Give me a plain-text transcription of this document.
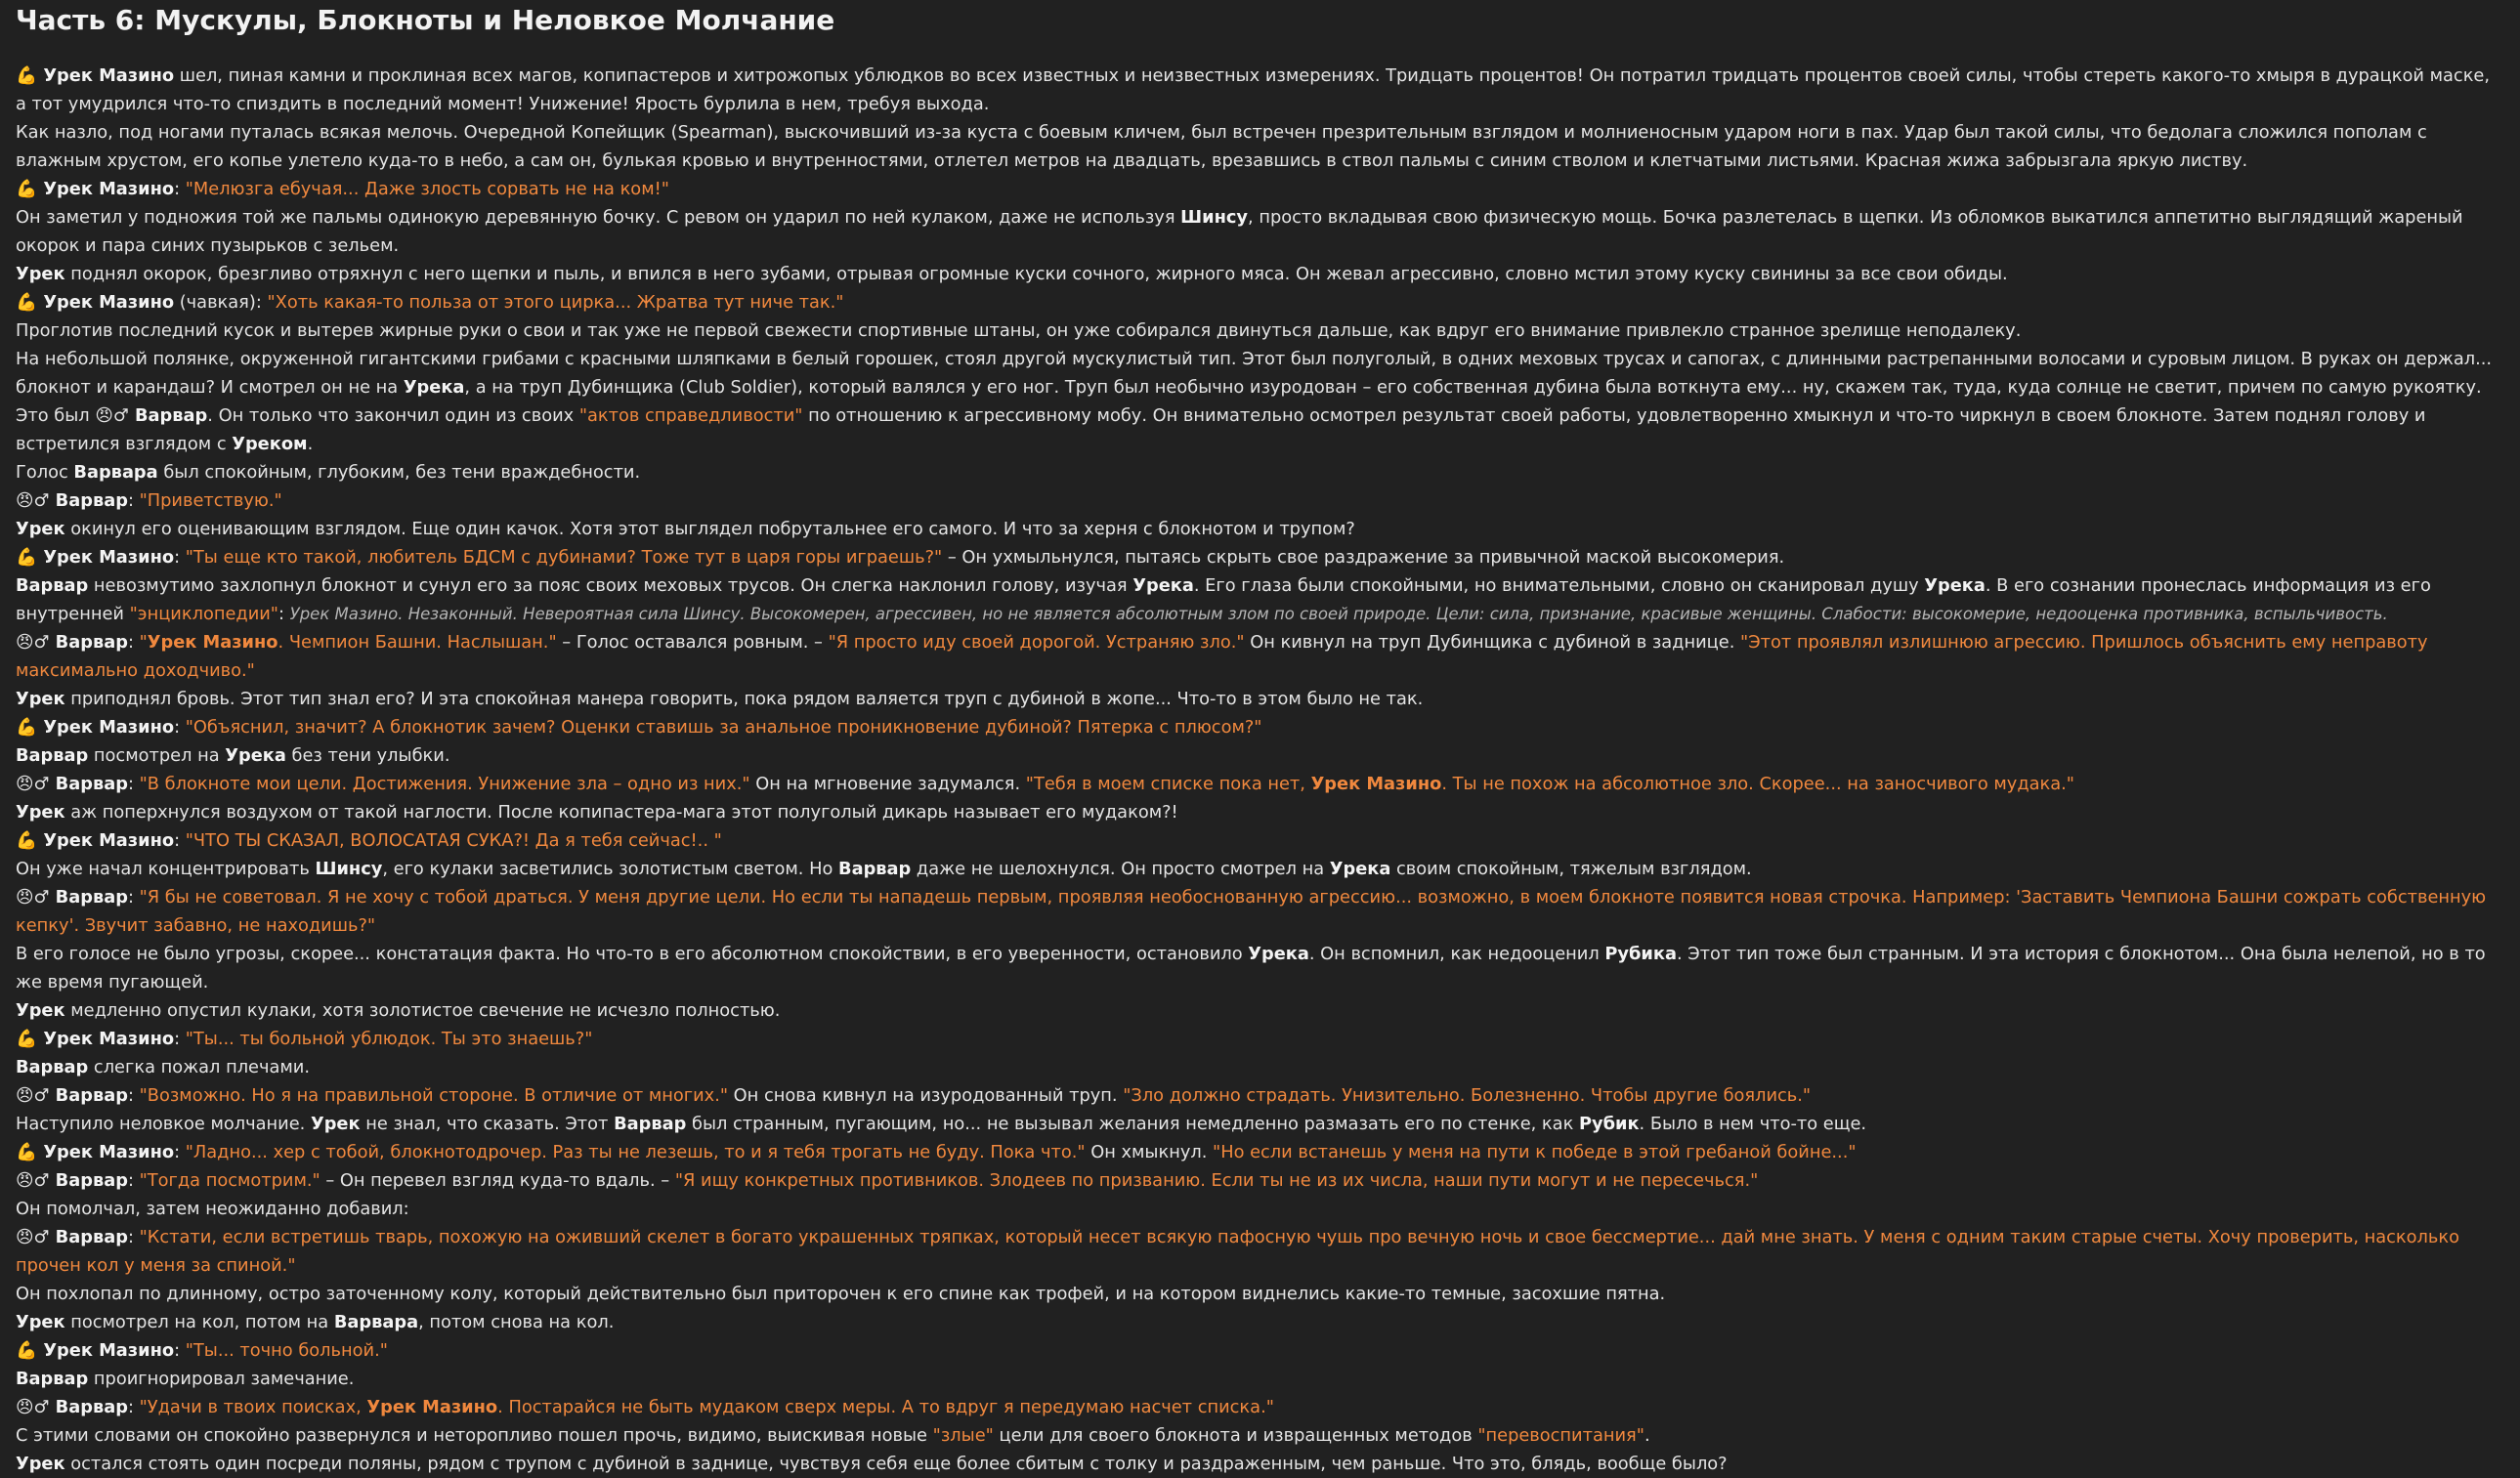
Часть 6: Мускулы, Блокноты и Неловкое Молчание

💪 Урек Мазино шел, пиная камни и проклиная всех магов, копипастеров и хитрожопых ублюдков во всех известных и неизвестных измерениях. Тридцать процентов! Он потратил тридцать процентов своей силы, чтобы стереть какого-то хмыря в дурацкой маске, а тот умудрился что-то спиздить в последний момент! Унижение! Ярость бурлила в нем, требуя выхода.

Как назло, под ногами путалась всякая мелочь. Очередной Копейщик (Spearman), выскочивший из-за куста с боевым кличем, был встречен презрительным взглядом и молниеносным ударом ноги в пах. Удар был такой силы, что бедолага сложился пополам с влажным хрустом, его копье улетело куда-то в небо, а сам он, булькая кровью и внутренностями, отлетел метров на двадцать, врезавшись в ствол пальмы с синим стволом и клетчатыми листьями. Красная жижа забрызгала яркую листву.

💪 Урек Мазино: "Мелюзга ебучая... Даже злость сорвать не на ком!"

Он заметил у подножия той же пальмы одинокую деревянную бочку. С ревом он ударил по ней кулаком, даже не используя Шинсу, просто вкладывая свою физическую мощь. Бочка разлетелась в щепки. Из обломков выкатился аппетитно выглядящий жареный окорок и пара синих пузырьков с зельем.

Урек поднял окорок, брезгливо отряхнул с него щепки и пыль, и впился в него зубами, отрывая огромные куски сочного, жирного мяса. Он жевал агрессивно, словно мстил этому куску свинины за все свои обиды.

💪 Урек Мазино (чавкая): "Хоть какая-то польза от этого цирка... Жратва тут ниче так."

Проглотив последний кусок и вытерев жирные руки о свои и так уже не первой свежести спортивные штаны, он уже собирался двинуться дальше, как вдруг его внимание привлекло странное зрелище неподалеку.

На небольшой полянке, окруженной гигантскими грибами с красными шляпками в белый горошек, стоял другой мускулистый тип. Этот был полуголый, в одних меховых трусах и сапогах, с длинными растрепанными волосами и суровым лицом. В руках он держал... блокнот и карандаш? И смотрел он не на Урека, а на труп Дубинщика (Club Soldier), который валялся у его ног. Труп был необычно изуродован – его собственная дубина была воткнута ему... ну, скажем так, туда, куда солнце не светит, причем по самую рукоятку.

Это был 😠♂ Варвар. Он только что закончил один из своих "актов справедливости" по отношению к агрессивному мобу. Он внимательно осмотрел результат своей работы, удовлетворенно хмыкнул и что-то чиркнул в своем блокноте. Затем поднял голову и встретился взглядом с Уреком.

Голос Варвара был спокойным, глубоким, без тени враждебности.

😠♂ Варвар: "Приветствую."

Урек окинул его оценивающим взглядом. Еще один качок. Хотя этот выглядел побрутальнее его самого. И что за херня с блокнотом и трупом?

💪 Урек Мазино: "Ты еще кто такой, любитель БДСМ с дубинами? Тоже тут в царя горы играешь?" – Он ухмыльнулся, пытаясь скрыть свое раздражение за привычной маской высокомерия.

Варвар невозмутимо захлопнул блокнот и сунул его за пояс своих меховых трусов. Он слегка наклонил голову, изучая Урека. Его глаза были спокойными, но внимательными, словно он сканировал душу Урека. В его сознании пронеслась информация из его внутренней "энциклопедии": Урек Мазино. Незаконный. Невероятная сила Шинсу. Высокомерен, агрессивен, но не является абсолютным злом по своей природе. Цели: сила, признание, красивые женщины. Слабости: высокомерие, недооценка противника, вспыльчивость.

😠♂ Варвар: "Урек Мазино. Чемпион Башни. Наслышан." – Голос оставался ровным. – "Я просто иду своей дорогой. Устраняю зло." Он кивнул на труп Дубинщика с дубиной в заднице. "Этот проявлял излишнюю агрессию. Пришлось объяснить ему неправоту максимально доходчиво."

Урек приподнял бровь. Этот тип знал его? И эта спокойная манера говорить, пока рядом валяется труп с дубиной в жопе... Что-то в этом было не так.

💪 Урек Мазино: "Объяснил, значит? А блокнотик зачем? Оценки ставишь за анальное проникновение дубиной? Пятерка с плюсом?"

Варвар посмотрел на Урека без тени улыбки.

😠♂ Варвар: "В блокноте мои цели. Достижения. Унижение зла – одно из них." Он на мгновение задумался. "Тебя в моем списке пока нет, Урек Мазино. Ты не похож на абсолютное зло. Скорее... на заносчивого мудака."

Урек аж поперхнулся воздухом от такой наглости. После копипастера-мага этот полуголый дикарь называет его мудаком?!

💪 Урек Мазино: "ЧТО ТЫ СКАЗАЛ, ВОЛОСАТАЯ СУКА?! Да я тебя сейчас!.. "

Он уже начал концентрировать Шинсу, его кулаки засветились золотистым светом. Но Варвар даже не шелохнулся. Он просто смотрел на Урека своим спокойным, тяжелым взглядом.

😠♂ Варвар: "Я бы не советовал. Я не хочу с тобой драться. У меня другие цели. Но если ты нападешь первым, проявляя необоснованную агрессию... возможно, в моем блокноте появится новая строчка. Например: 'Заставить Чемпиона Башни сожрать собственную кепку'. Звучит забавно, не находишь?"

В его голосе не было угрозы, скорее... констатация факта. Но что-то в его абсолютном спокойствии, в его уверенности, остановило Урека. Он вспомнил, как недооценил Рубика. Этот тип тоже был странным. И эта история с блокнотом... Она была нелепой, но в то же время пугающей.

Урек медленно опустил кулаки, хотя золотистое свечение не исчезло полностью.

💪 Урек Мазино: "Ты... ты больной ублюдок. Ты это знаешь?"

Варвар слегка пожал плечами.

😠♂ Варвар: "Возможно. Но я на правильной стороне. В отличие от многих." Он снова кивнул на изуродованный труп. "Зло должно страдать. Унизительно. Болезненно. Чтобы другие боялись."

Наступило неловкое молчание. Урек не знал, что сказать. Этот Варвар был странным, пугающим, но... не вызывал желания немедленно размазать его по стенке, как Рубик. Было в нем что-то еще.

💪 Урек Мазино: "Ладно... хер с тобой, блокнотодрочер. Раз ты не лезешь, то и я тебя трогать не буду. Пока что." Он хмыкнул. "Но если встанешь у меня на пути к победе в этой гребаной бойне..."

😠♂ Варвар: "Тогда посмотрим." – Он перевел взгляд куда-то вдаль. – "Я ищу конкретных противников. Злодеев по призванию. Если ты не из их числа, наши пути могут и не пересечься."

Он помолчал, затем неожиданно добавил:

😠♂ Варвар: "Кстати, если встретишь тварь, похожую на оживший скелет в богато украшенных тряпках, который несет всякую пафосную чушь про вечную ночь и свое бессмертие... дай мне знать. У меня с одним таким старые счеты. Хочу проверить, насколько прочен кол у меня за спиной."

Он похлопал по длинному, остро заточенному колу, который действительно был приторочен к его спине как трофей, и на котором виднелись какие-то темные, засохшие пятна.

Урек посмотрел на кол, потом на Варвара, потом снова на кол.

💪 Урек Мазино: "Ты... точно больной."

Варвар проигнорировал замечание.

😠♂ Варвар: "Удачи в твоих поисках, Урек Мазино. Постарайся не быть мудаком сверх меры. А то вдруг я передумаю насчет списка."

С этими словами он спокойно развернулся и неторопливо пошел прочь, видимо, выискивая новые "злые" цели для своего блокнота и извращенных методов "перевоспитания".

Урек остался стоять один посреди поляны, рядом с трупом с дубиной в заднице, чувствуя себя еще более сбитым с толку и раздраженным, чем раньше. Что это, блядь, вообще было?
